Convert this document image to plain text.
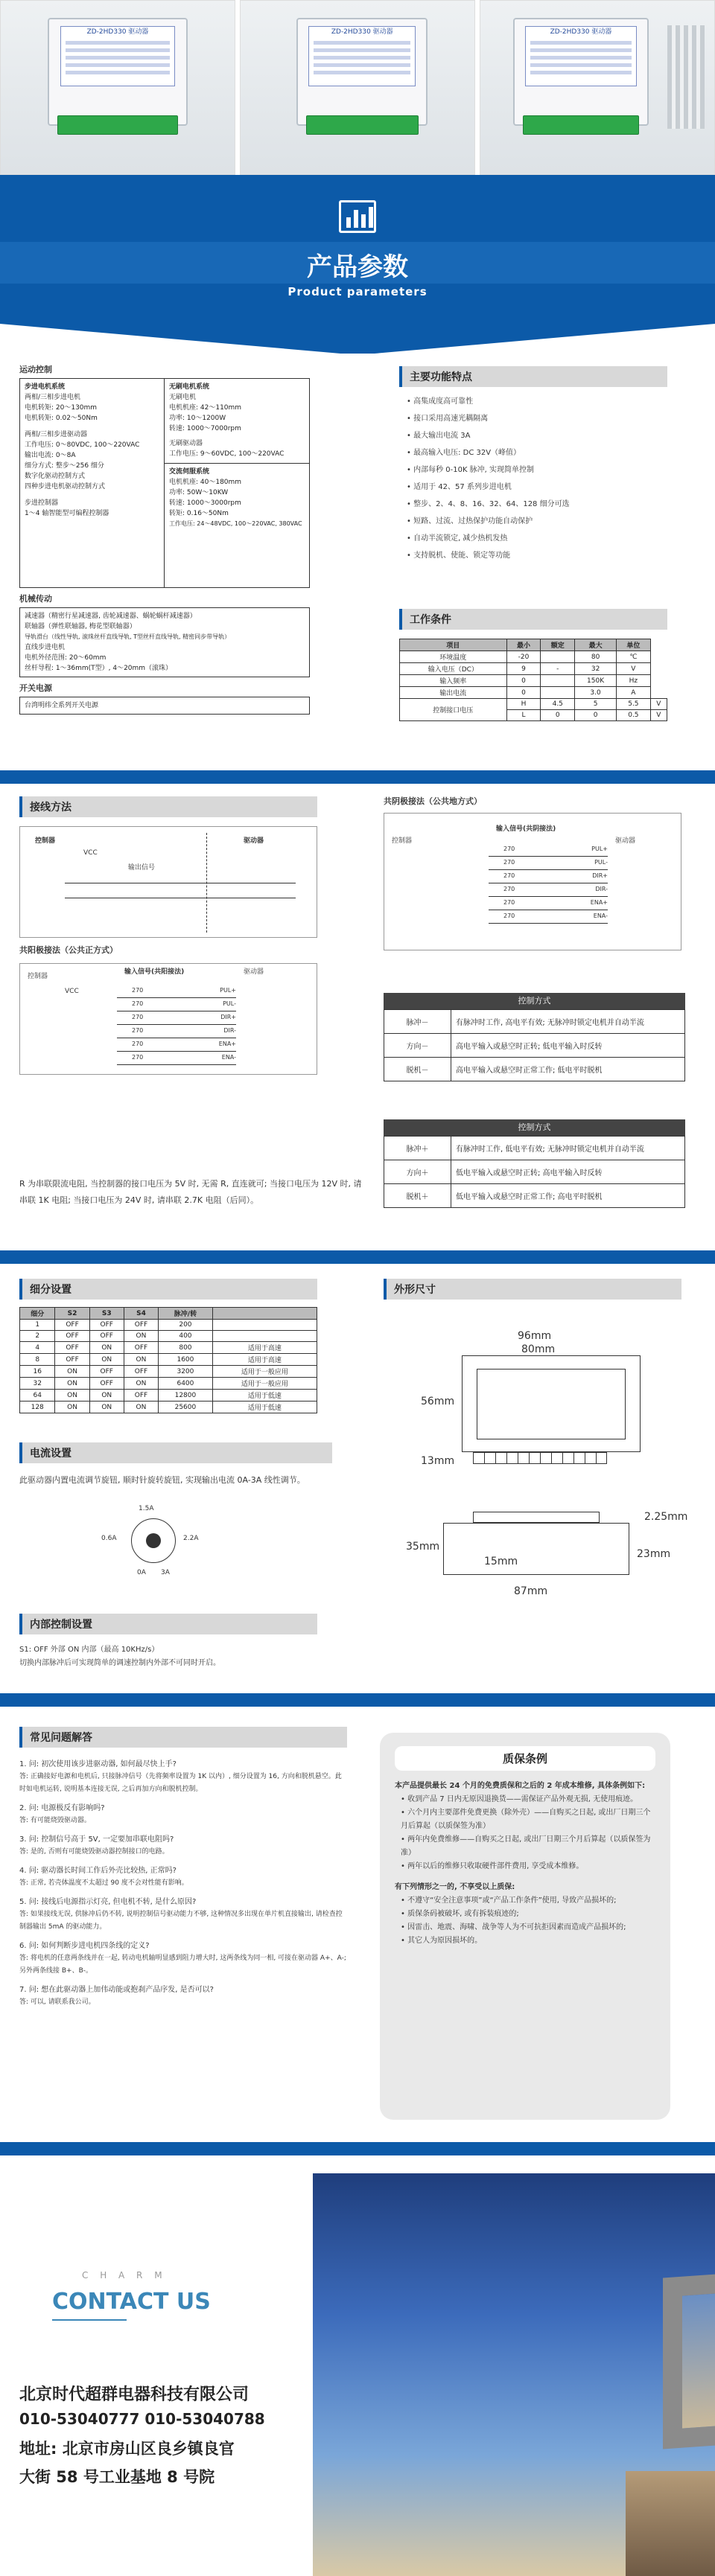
ZD-2HD330 驱动器	ZD-2HD330 驱动器	ZD-2HD330 驱动器
产品参数
Product parameters
运动控制
步进电机系统
两相/三相步进电机
电机转矩: 20～130mm
电机转矩: 0.02～50Nm
两相/三相步进驱动器
工作电压: 0～80VDC, 100～220VAC
输出电流: 0～8A
细分方式: 整步～256 细分
数字化驱动控制方式
四种步进电机驱动控制方式
步进控制器
1～4 轴智能型可编程控制器
无刷电机系统
无刷电机
电机机座: 42～110mm
功率: 10～1200W
转速: 1000～7000rpm
无刷驱动器
工作电压: 9～60VDC, 100～220VAC
交流伺服系统
电机机座: 40～180mm
功率: 50W～10KW
转速: 1000～3000rpm
转矩: 0.16～50Nm
工作电压: 24～48VDC, 100～220VAC, 380VAC
机械传动
减速器（精密行星减速器, 齿轮减速器、蜗轮蜗杆减速器）
联轴器（弹性联轴器, 梅花型联轴器）
导轨滑台（线性导轨, 滚珠丝杆直线导轨, T型丝杆直线导轨, 精密同步带导轨）
直线步进电机
电机外径范围: 20～60mm
丝杆导程: 1～36mm(T型）, 4～20mm（滚珠）
开关电源
台湾明纬全系列开关电源
主要功能特点
• 高集成度高可靠性
• 接口采用高速光耦隔离
• 最大输出电流 3A
• 最高输入电压: DC 32V（峰值）
• 内部每秒 0-10K 脉冲, 实现简单控制
• 适用于 42、57 系列步进电机
• 整步、2、4、8、16、32、64、128 细分可选
• 短路、过流、过热保护功能自动保护
• 自动半流锁定, 减少热机发热
• 支持脱机、使能、锁定等功能
工作条件
项目	最小	额定	最大	单位	
环境温度	-20		80	℃	
输入电压（DC）	9	-	32	V	
输入频率	0		150K	Hz	
输出电流	0		3.0	A	
控制接口电压	H	4.5	5	5.5	V
	L	0	0	0.5	V
接线方法
控制器	驱动器
输出信号
VCC
共阳极接法（公共正方式）
控制器
输入信号(共阳接法)	驱动器
VCC	270	PUL+
270	PUL-
270	DIR+
270	DIR-
270	ENA+
270	ENA-
共阴极接法（公共地方式）
控制器
输入信号(共阴接法)
驱动器
270	PUL+
270	PUL-
270	DIR+
270	DIR-
270	ENA+
270	ENA-
控制方式
脉冲－	有脉冲时工作, 高电平有效; 无脉冲时锁定电机并自动半流
方向－	高电平输入或悬空时正转; 低电平输入时反转
脱机－	高电平输入或悬空时正常工作; 低电平时脱机
控制方式
脉冲＋	有脉冲时工作, 低电平有效; 无脉冲时锁定电机并自动半流
方向＋	低电平输入或悬空时正转; 高电平输入时反转
脱机＋	低电平输入或悬空时正常工作; 高电平时脱机
R 为串联限流电阻, 当控制器的接口电压为 5V 时, 无需 R, 直连就可; 当接口电压为 12V 时, 请串联 1K 电阻; 当接口电压为 24V 时, 请串联 2.7K 电阻（后同）。
细分设置
细分	S2	S3	S4	脉冲/转	
1	OFF	OFF	OFF	200	
2	OFF	OFF	ON	400	
4	OFF	ON	OFF	800	适用于高速
8	OFF	ON	ON	1600	适用于高速
16	ON	OFF	OFF	3200	适用于一般应用
32	ON	OFF	ON	6400	适用于一般应用
64	ON	ON	OFF	12800	适用于低速
128	ON	ON	ON	25600	适用于低速
电流设置
此驱动器内置电流调节旋钮, 顺时针旋转旋钮, 实现输出电流 0A-3A 线性调节。
1.5A
0.6A	2.2A
0A 3A
内部控制设置
S1: OFF 外部 ON 内部（最高 10KHz/s）
切换内部脉冲后可实现简单的调速控制内外部不可同时开启。
外形尺寸
96mm
80mm
56mm
13mm
2.25mm
35mm
23mm
15mm
87mm
常见问题解答
1. 问: 初次使用该步进驱动器, 如何最尽快上手?
答: 正确接好电源和电机后, 只接脉冲信号（先将频率设置为 1K 以内）, 细分设置为 16, 方向和脱机悬空。此时如电机运转, 说明基本连接无误, 之后再加方向和脱机控制。
2. 问: 电源极反有影响吗?
答: 有可能烧毁驱动器。
3. 问: 控制信号高于 5V, 一定要加串联电阻吗?
答: 是的, 否则有可能烧毁驱动器控制接口的电路。
4. 问: 驱动器长时间工作后外壳比较热, 正常吗?
答: 正常, 若壳体温度不太超过 90 度不会对性能有影响。
5. 问: 接线后电源指示灯亮, 但电机不转, 是什么原因?
答: 如果接线无误, 供脉冲后仍不转, 说明控制信号驱动能力不够, 这种情况多出现在单片机直接输出, 请检查控制器输出 5mA 的驱动能力。
6. 问: 如何判断步进电机四条线的定义?
答: 将电机的任意两条线并在一起, 转动电机轴明显感到阻力增大时, 这两条线为同一相, 可接在驱动器 A+、A-; 另外两条线接 B+、B-。
7. 问: 想在此驱动器上加伟动能或抱刹产品序发, 是否可以?
答: 可以, 请联系我公司。
质保条例

本产品提供最长 24 个月的免费质保和之后的 2 年成本维修, 具体条例如下:

• 收到产品 7 日内无原因退换货——需保证产品外观无损, 无使用痕迹。

• 六个月内主要部件免费更换（除外壳）——自购买之日起, 或出厂日期三个月后算起（以质保签为准）

• 两年内免费维修——自购买之日起, 或出厂日期三个月后算起（以质保签为准）

• 两年以后的维修只收取硬件部件费用, 享受成本维修。

有下列情形之一的, 不享受以上质保:

• 不遵守“安全注意事项”或“产品工作条件”使用, 导致产品损坏的;

• 质保条码被破坏, 或有拆装痕迹的;

• 因雷击、地震、海啸、战争等人为不可抗拒因素而造成产品损坏的;

• 其它人为原因损坏的。

C H A R M
CONTACT US
北京时代超群电器科技有限公司
010-53040777 010-53040788
地址: 北京市房山区良乡镇良官
大街 58 号工业基地 8 号院
